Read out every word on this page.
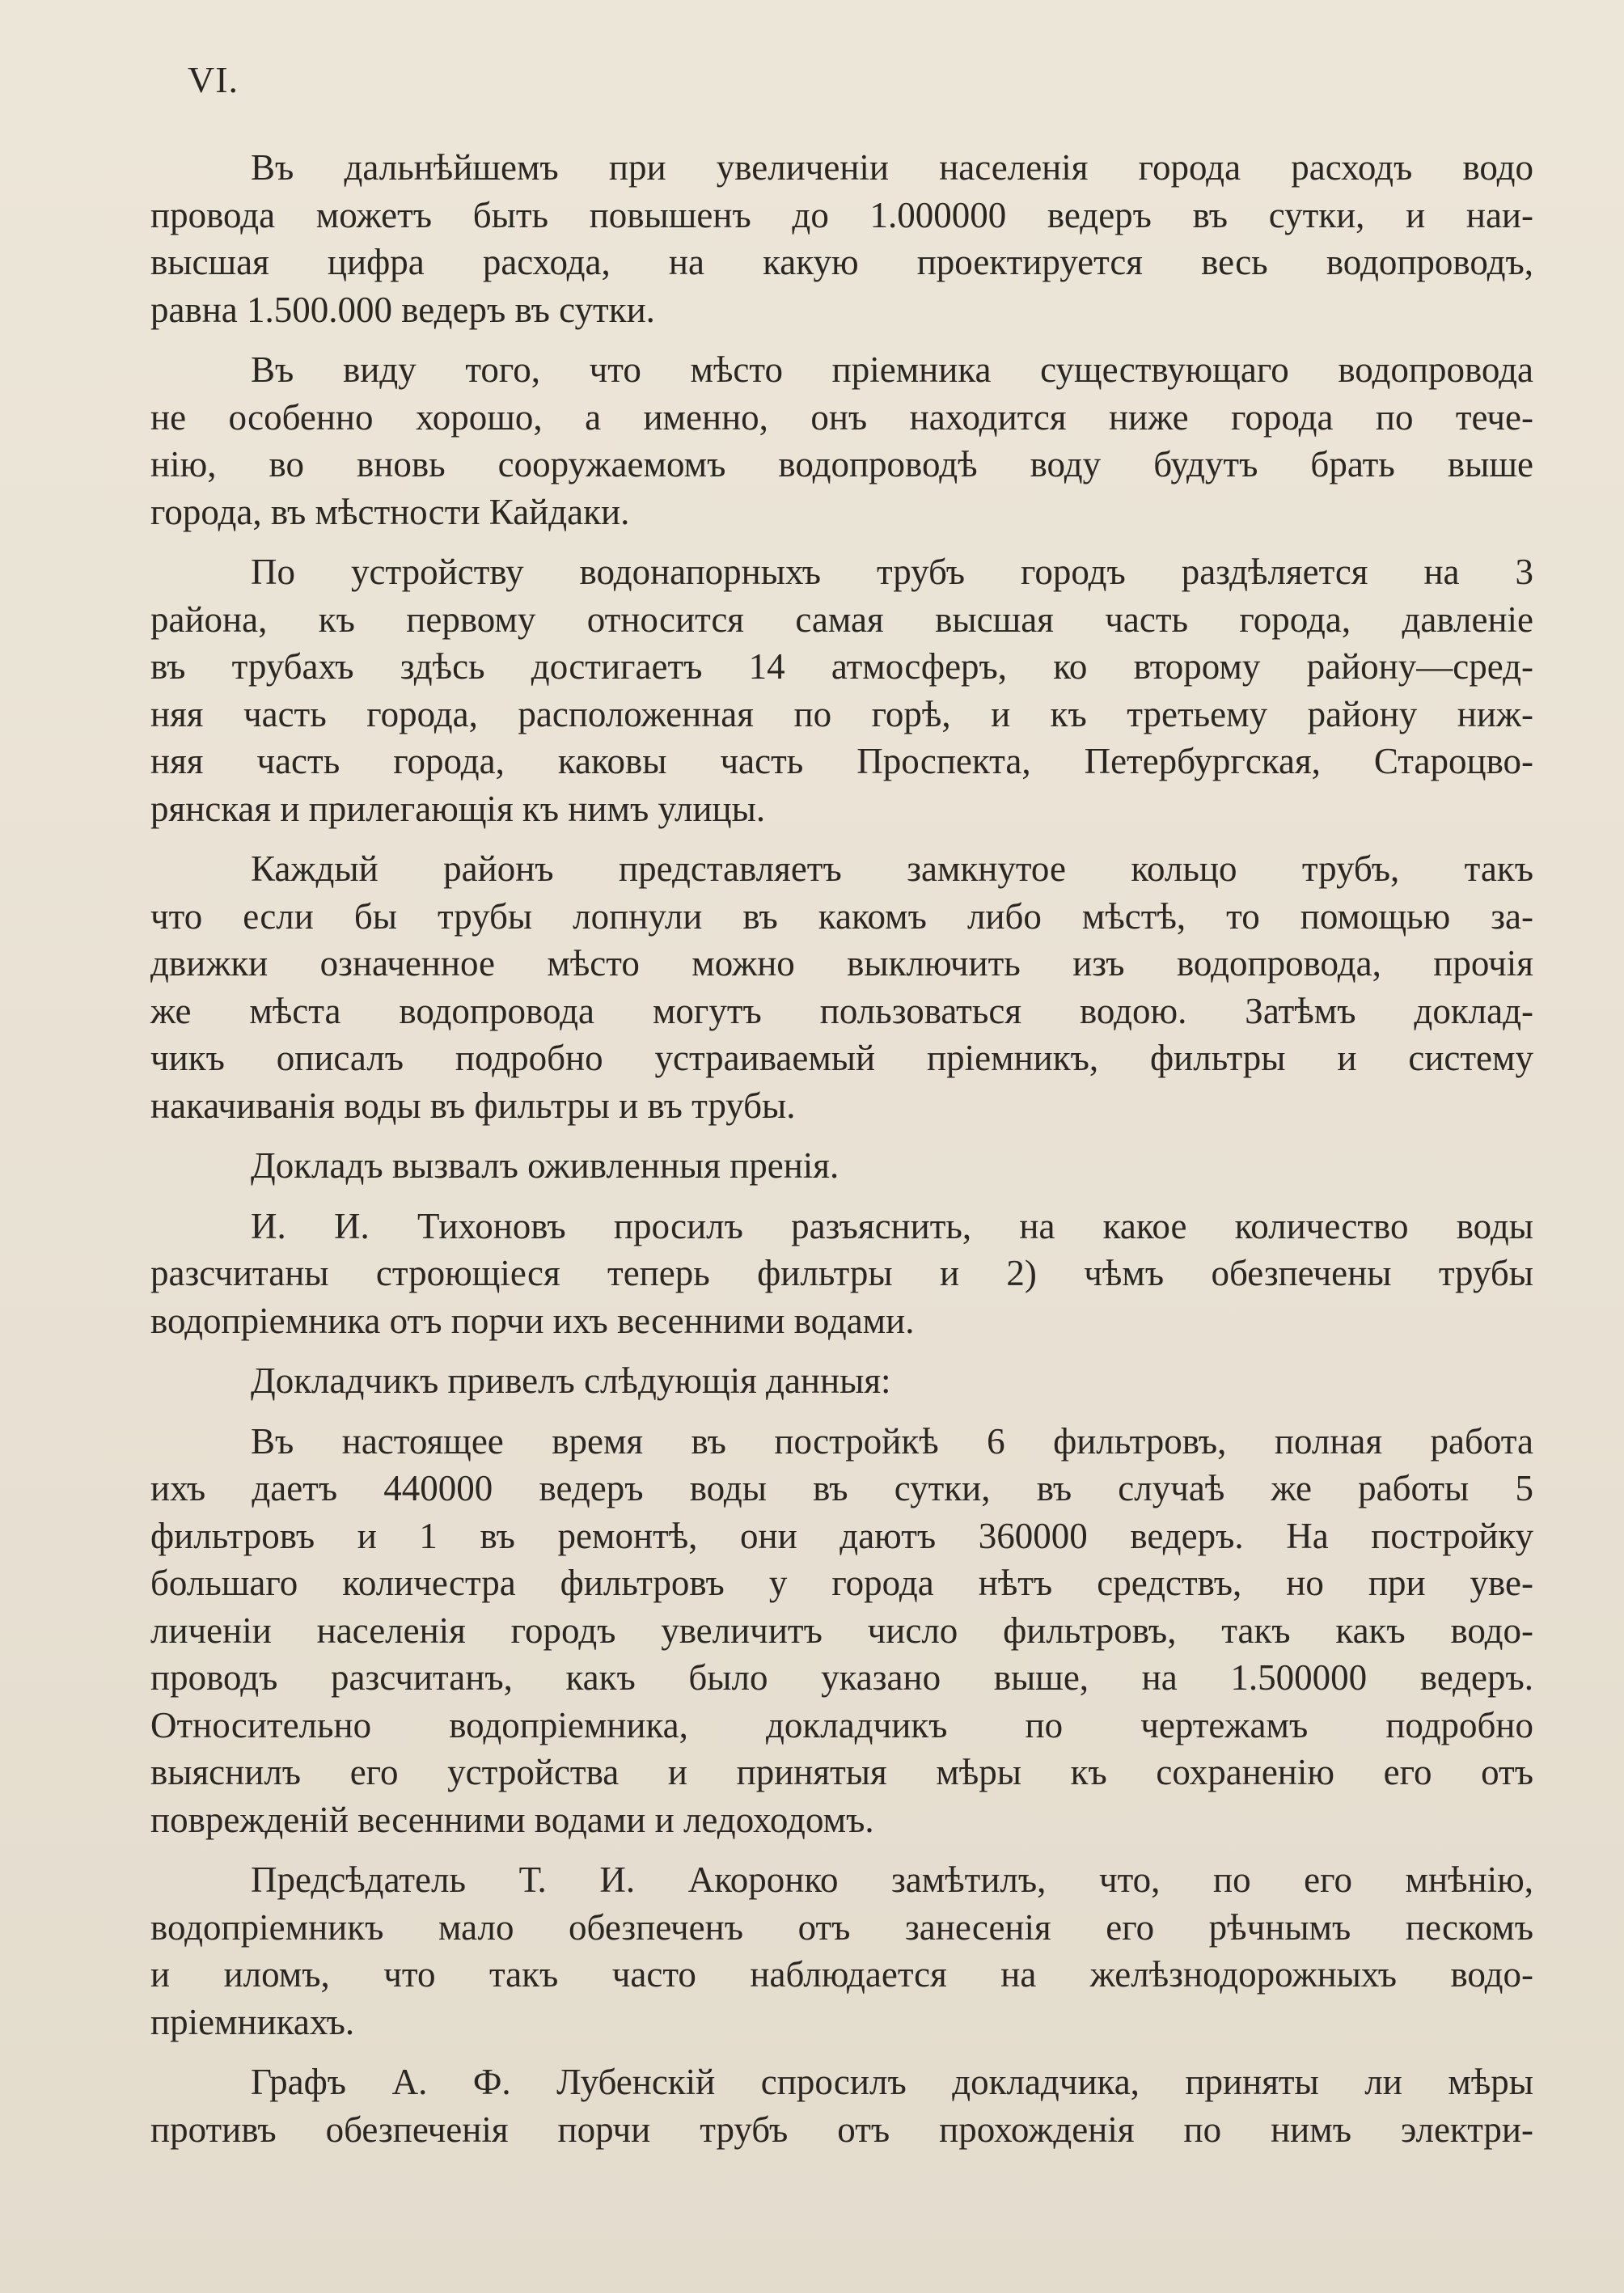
VI.
Въ дальнѣйшемъ при увеличенiи населенiя города расходъ водо
провода можетъ быть повышенъ до 1.000000 ведеръ въ сутки, и наи-
высшая цифра расхода, на какую проектируется весь водопроводъ,
равна 1.500.000 ведеръ въ сутки.
Въ виду того, что мѣсто прiемника существующаго водопровода
не особенно хорошо, а именно, онъ находится ниже города по тече-
нiю, во вновь сооружаемомъ водопроводѣ воду будутъ брать выше
города, въ мѣстности Кайдаки.
По устройству водонапорныхъ трубъ городъ раздѣляется на 3
района, къ первому относится самая высшая часть города, давленiе
въ трубахъ здѣсь достигаетъ 14 атмосферъ, ко второму району—сред-
няя часть города, расположенная по горѣ, и къ третьему району ниж-
няя часть города, каковы часть Проспекта, Петербургская, Староцво-
рянская и прилегающiя къ нимъ улицы.
Каждый районъ представляетъ замкнутое кольцо трубъ, такъ
что если бы трубы лопнули въ какомъ либо мѣстѣ, то помощью за-
движки означенное мѣсто можно выключить изъ водопровода, прочiя
же мѣста водопровода могутъ пользоваться водою. Затѣмъ доклад-
чикъ описалъ подробно устраиваемый прiемникъ, фильтры и систему
накачиванiя воды въ фильтры и въ трубы.
Докладъ вызвалъ оживленныя пренiя.
И. И. Тихоновъ просилъ разъяснить, на какое количество воды
разсчитаны строющiеся теперь фильтры и 2) чѣмъ обезпечены трубы
водопрiемника отъ порчи ихъ весенними водами.
Докладчикъ привелъ слѣдующiя данныя:
Въ настоящее время въ постройкѣ 6 фильтровъ, полная работа
ихъ даетъ 440000 ведеръ воды въ сутки, въ случаѣ же работы 5
фильтровъ и 1 въ ремонтѣ, они даютъ 360000 ведеръ. На постройку
большаго количестра фильтровъ у города нѣтъ средствъ, но при уве-
личенiи населенiя городъ увеличитъ число фильтровъ, такъ какъ водо-
проводъ разсчитанъ, какъ было указано выше, на 1.500000 ведеръ.
Относительно водопрiемника, докладчикъ по чертежамъ подробно
выяснилъ его устройства и принятыя мѣры къ сохраненiю его отъ
поврежденiй весенними водами и ледоходомъ.
Предсѣдатель Т. И. Акоронко замѣтилъ, что, по его мнѣнiю,
водопрiемникъ мало обезпеченъ отъ занесенiя его рѣчнымъ пескомъ
и иломъ, что такъ часто наблюдается на желѣзнодорожныхъ водо-
прiемникахъ.
Графъ А. Ф. Лубенскiй спросилъ докладчика, приняты ли мѣры
противъ обезпеченiя порчи трубъ отъ прохожденiя по нимъ электри-
